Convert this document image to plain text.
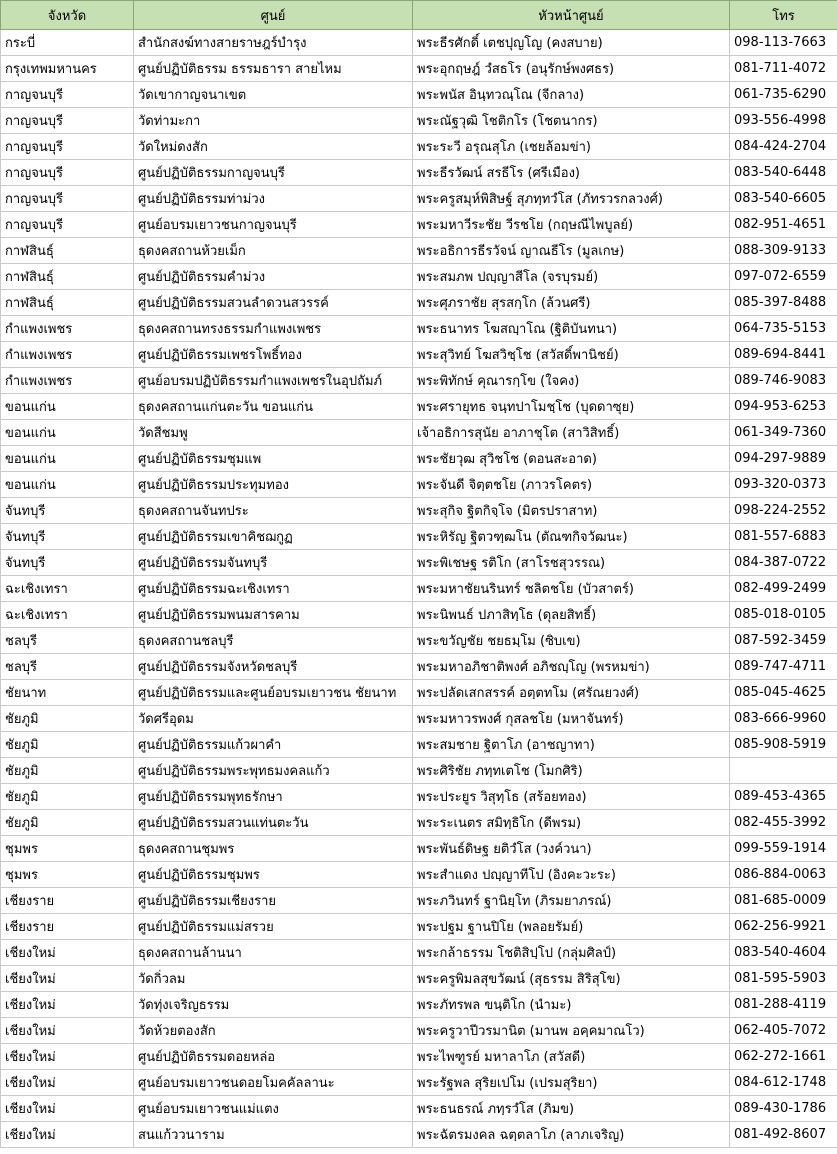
จังหวัด	ศูนย์	หัวหน้าศูนย์	โทร
กระบี่	สำนักสงฆ์ทางสายราษฎร์บำรุง	พระธีรศักดิ์ เตชปุญโญ (คงสบาย)	098-113-7663
กรุงเทพมหานคร	ศูนย์ปฏิบัติธรรม ธรรมธารา สายไหม	พระอุกฤษฎ์ วํสธโร (อนุรักษ์พงศธร)	081-711-4072
กาญจนบุรี	วัดเขากาญจนาเขต	พระพนัส อินฺทวณฺโณ (จีกลาง)	061-735-6290
กาญจนบุรี	วัดท่ามะกา	พระณัฐวุฒิ โชติกโร (โชตนากร)	093-556-4998
กาญจนบุรี	วัดใหม่ดงสัก	พระระวี อรุณสุโภ (เชยล้อมข่า)	084-424-2704
กาญจนบุรี	ศูนย์ปฏิบัติธรรมกาญจนบุรี	พระธีรวัฒน์ สรธีโร (ศรีเมือง)	083-540-6448
กาญจนบุรี	ศูนย์ปฏิบัติธรรมท่าม่วง	พระครูสมุห์พิสิษฐ์ สุภทฺทวํโส (ภัทรวรกลวงศ์)	083-540-6605
กาญจนบุรี	ศูนย์อบรมเยาวชนกาญจนบุรี	พระมหาวีระชัย วีรชโย (กฤษณีไพบูลย์)	082-951-4651
กาฬสินธุ์	ธุดงคสถานห้วยเม็ก	พระอธิการธีรวัจน์ ญาณธีโร (มูลเกษ)	088-309-9133
กาฬสินธุ์	ศูนย์ปฏิบัติธรรมคำม่วง	พระสมภพ ปญฺญาสีโล (จรบุรมย์)	097-072-6559
กาฬสินธุ์	ศูนย์ปฏิบัติธรรมสวนลำดวนสวรรค์	พระศุภราชัย สุรสกฺโก (ล้วนศรี)	085-397-8488
กำแพงเพชร	ธุดงคสถานทรงธรรมกำแพงเพชร	พระธนาทร โฆสญฺาโณ (ฐิติบันทนา)	064-735-5153
กำแพงเพชร	ศูนย์ปฏิบัติธรรมเพชรโพธิ์ทอง	พระสุวิทย์ โฆสวิชฺโช (สวัสดิ์พานิชย์)	089-694-8441
กำแพงเพชร	ศูนย์อบรมปฏิบัติธรรมกำแพงเพชรในอุปถัมภ์	พระพิทักษ์ คุณารกฺโข (ใจคง)	089-746-9083
ขอนแก่น	ธุดงคสถานแก่นตะวัน ขอนแก่น	พระศรายุทธ จนฺทปาโมชฺโช (บุดดาซุย)	094-953-6253
ขอนแก่น	วัดสีชมพู	เจ้าอธิการสุนัย อาภาชุโต (สาวิสิทธิ์)	061-349-7360
ขอนแก่น	ศูนย์ปฏิบัติธรรมชุมแพ	พระชัยวุฒ สุวิชโช (ดอนสะอาด)	094-297-9889
ขอนแก่น	ศูนย์ปฏิบัติธรรมประทุมทอง	พระจันดี จิตฺตชโย (ภาวรโคตร)	093-320-0373
จันทบุรี	ธุดงคสถานจันทประ	พระสุกิจ ฐิตกิจฺโจ (มิตรปราสาท)	098-224-2552
จันทบุรี	ศูนย์ปฏิบัติธรรมเขาคิชฌกูฏ	พระหิรัญ ฐิตวฑฺฒโน (ตัณฑกิจวัฒนะ)	081-557-6883
จันทบุรี	ศูนย์ปฏิบัติธรรมจันทบุรี	พระพิเชษฐ รติโก (สาโรชสุวรรณ)	084-387-0722
ฉะเชิงเทรา	ศูนย์ปฏิบัติธรรมฉะเชิงเทรา	พระมหาชัยนรินทร์ ชลิตชโย (บัวสาตร์)	082-499-2499
ฉะเชิงเทรา	ศูนย์ปฏิบัติธรรมพนมสารคาม	พระนิพนธ์ ปภาสิทฺโธ (ดุลยสิทธิ์)	085-018-0105
ชลบุรี	ธุดงคสถานชลบุรี	พระขวัญชัย ชยธมฺโม (ซิบเข)	087-592-3459
ชลบุรี	ศูนย์ปฏิบัติธรรมจังหวัดชลบุรี	พระมหาอภิชาติพงศ์ อภิชญฺโญ (พรหมข่า)	089-747-4711
ชัยนาท	ศูนย์ปฏิบัติธรรมและศูนย์อบรมเยาวชน ชัยนาท	พระปลัดเสกสรรค์ อตฺตทโม (ศรัณยวงศ์)	085-045-4625
ชัยภูมิ	วัดศรีอุดม	พระมหาวรพงศ์ กุสลชโย (มหาจันทร์)	083-666-9960
ชัยภูมิ	ศูนย์ปฏิบัติธรรมแก้วผาคำ	พระสมชาย ฐิตาโภ (อาชญาทา)	085-908-5919
ชัยภูมิ	ศูนย์ปฏิบัติธรรมพระพุทธมงคลแก้ว	พระศิริชัย ภทฺทเตโช (โมกศิริ)	
ชัยภูมิ	ศูนย์ปฏิบัติธรรมพุทธรักษา	พระประยูร วิสุทฺโธ (สร้อยทอง)	089-453-4365
ชัยภูมิ	ศูนย์ปฏิบัติธรรมสวนแท่นตะวัน	พระระเนตร สมิทฺธิโก (ดีพรม)	082-455-3992
ชุมพร	ธุดงคสถานชุมพร	พระพันธ์ดิษฐ ยติวํโส (วงค์วนา)	099-559-1914
ชุมพร	ศูนย์ปฏิบัติธรรมชุมพร	พระสำแดง ปญฺญาทีโป (อิงคะวะระ)	086-884-0063
เชียงราย	ศูนย์ปฏิบัติธรรมเชียงราย	พระภวินทร์ ฐานิยฺโท (ภิรมยาภรณ์)	081-685-0009
เชียงราย	ศูนย์ปฏิบัติธรรมแม่สรวย	พระปฐม ฐานปิโย (พลอยรัมย์)	062-256-9921
เชียงใหม่	ธุดงคสถานล้านนา	พระกล้าธรรม โชติสิปฺโป (กลุ่มศิลป์)	083-540-4604
เชียงใหม่	วัดกิ่วลม	พระครูพิมลสุขวัฒน์ (สุธรรม สิริสุโข)	081-595-5903
เชียงใหม่	วัดทุ่งเจริญธรรม	พระภัทรพล ขนฺติโก (นำมะ)	081-288-4119
เชียงใหม่	วัดห้วยตองสัก	พระครูวาปีวรมานิต (มานพ อคฺคมาณโว)	062-405-7072
เชียงใหม่	ศูนย์ปฏิบัติธรรมดอยหล่อ	พระไพฑูรย์ มหาลาโภ (สวัสดี)	062-272-1661
เชียงใหม่	ศูนย์อบรมเยาวชนดอยโมคคัลลานะ	พระรัฐพล สุริยเปโม (เปรมสุริยา)	084-612-1748
เชียงใหม่	ศูนย์อบรมเยาวชนแม่แตง	พระธนธรณ์ ภทฺรวํโส (ภิมข)	089-430-1786
เชียงใหม่	สนแก้ววนาราม	พระฉัตรมงคล ฉตฺตลาโภ (ลาภเจริญ)	081-492-8607
